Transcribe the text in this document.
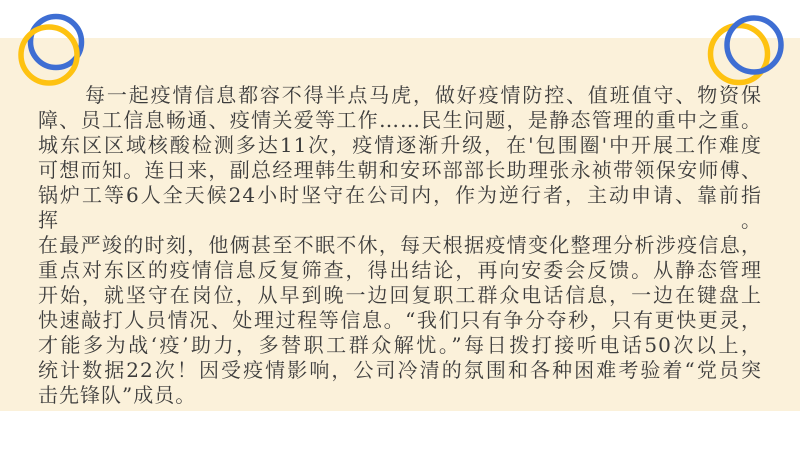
每一起疫情信息都容不得半点马虎，做好疫情防控、值班值守、物资保
障、员工信息畅通、疫情关爱等工作……民生问题，是静态管理的重中之重。
城东区区域核酸检测多达11次，疫情逐渐升级，在'包围圈'中开展工作难度
可想而知。连日来，副总经理韩生朝和安环部部长助理张永祯带领保安师傅、
锅炉工等6人全天候24小时坚守在公司内，作为逆行者，主动申请、靠前指挥。
在最严竣的时刻，他俩甚至不眠不休，每天根据疫情变化整理分析涉疫信息，
重点对东区的疫情信息反复筛查，得出结论，再向安委会反馈。从静态管理
开始，就坚守在岗位，从早到晚一边回复职工群众电话信息，一边在键盘上
快速敲打人员情况、处理过程等信息。“我们只有争分夺秒，只有更快更灵，
才能多为战‘疫’助力，多替职工群众解忧。”每日拨打接听电话50次以上，
统计数据22次！因受疫情影响，公司冷清的氛围和各种困难考验着“党员突
击先锋队”成员。
